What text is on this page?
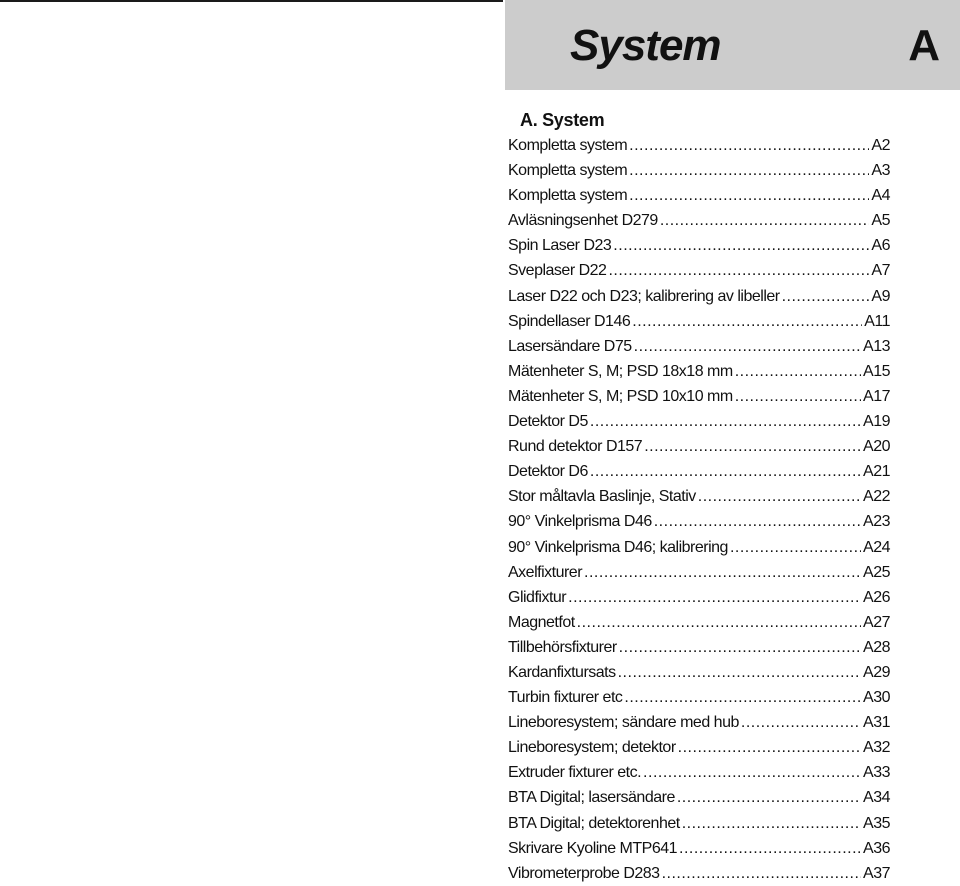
System	A
A. System
Kompletta system .....	A2
Kompletta system .....	A3
Kompletta system .....	A4
Avläsningsenhet D279 .....	A5
Spin Laser D23 .....	A6
Sveplaser D22 .....	A7
Laser D22 och D23; kalibrering av libeller .....	A9
Spindellaser D146 .....	A11
Lasersändare D75 .....	A13
Mätenheter S, M; PSD 18x18 mm .....	A15
Mätenheter S, M; PSD 10x10 mm .....	A17
Detektor D5 .....	A19
Rund detektor D157 .....	A20
Detektor D6 .....	A21
Stor måltavla Baslinje, Stativ .....	A22
90° Vinkelprisma D46 .....	A23
90° Vinkelprisma D46; kalibrering .....	A24
Axelfixturer .....	A25
Glidfixtur .....	A26
Magnetfot .....	A27
Tillbehörsfixturer .....	A28
Kardanfixtursats .....	A29
Turbin fixturer etc .....	A30
Lineboresystem; sändare med hub .....	A31
Lineboresystem; detektor .....	A32
Extruder fixturer etc. .....	A33
BTA Digital; lasersändare .....	A34
BTA Digital; detektorenhet .....	A35
Skrivare Kyoline MTP641 .....	A36
Vibrometerprobe D283 .....	A37
